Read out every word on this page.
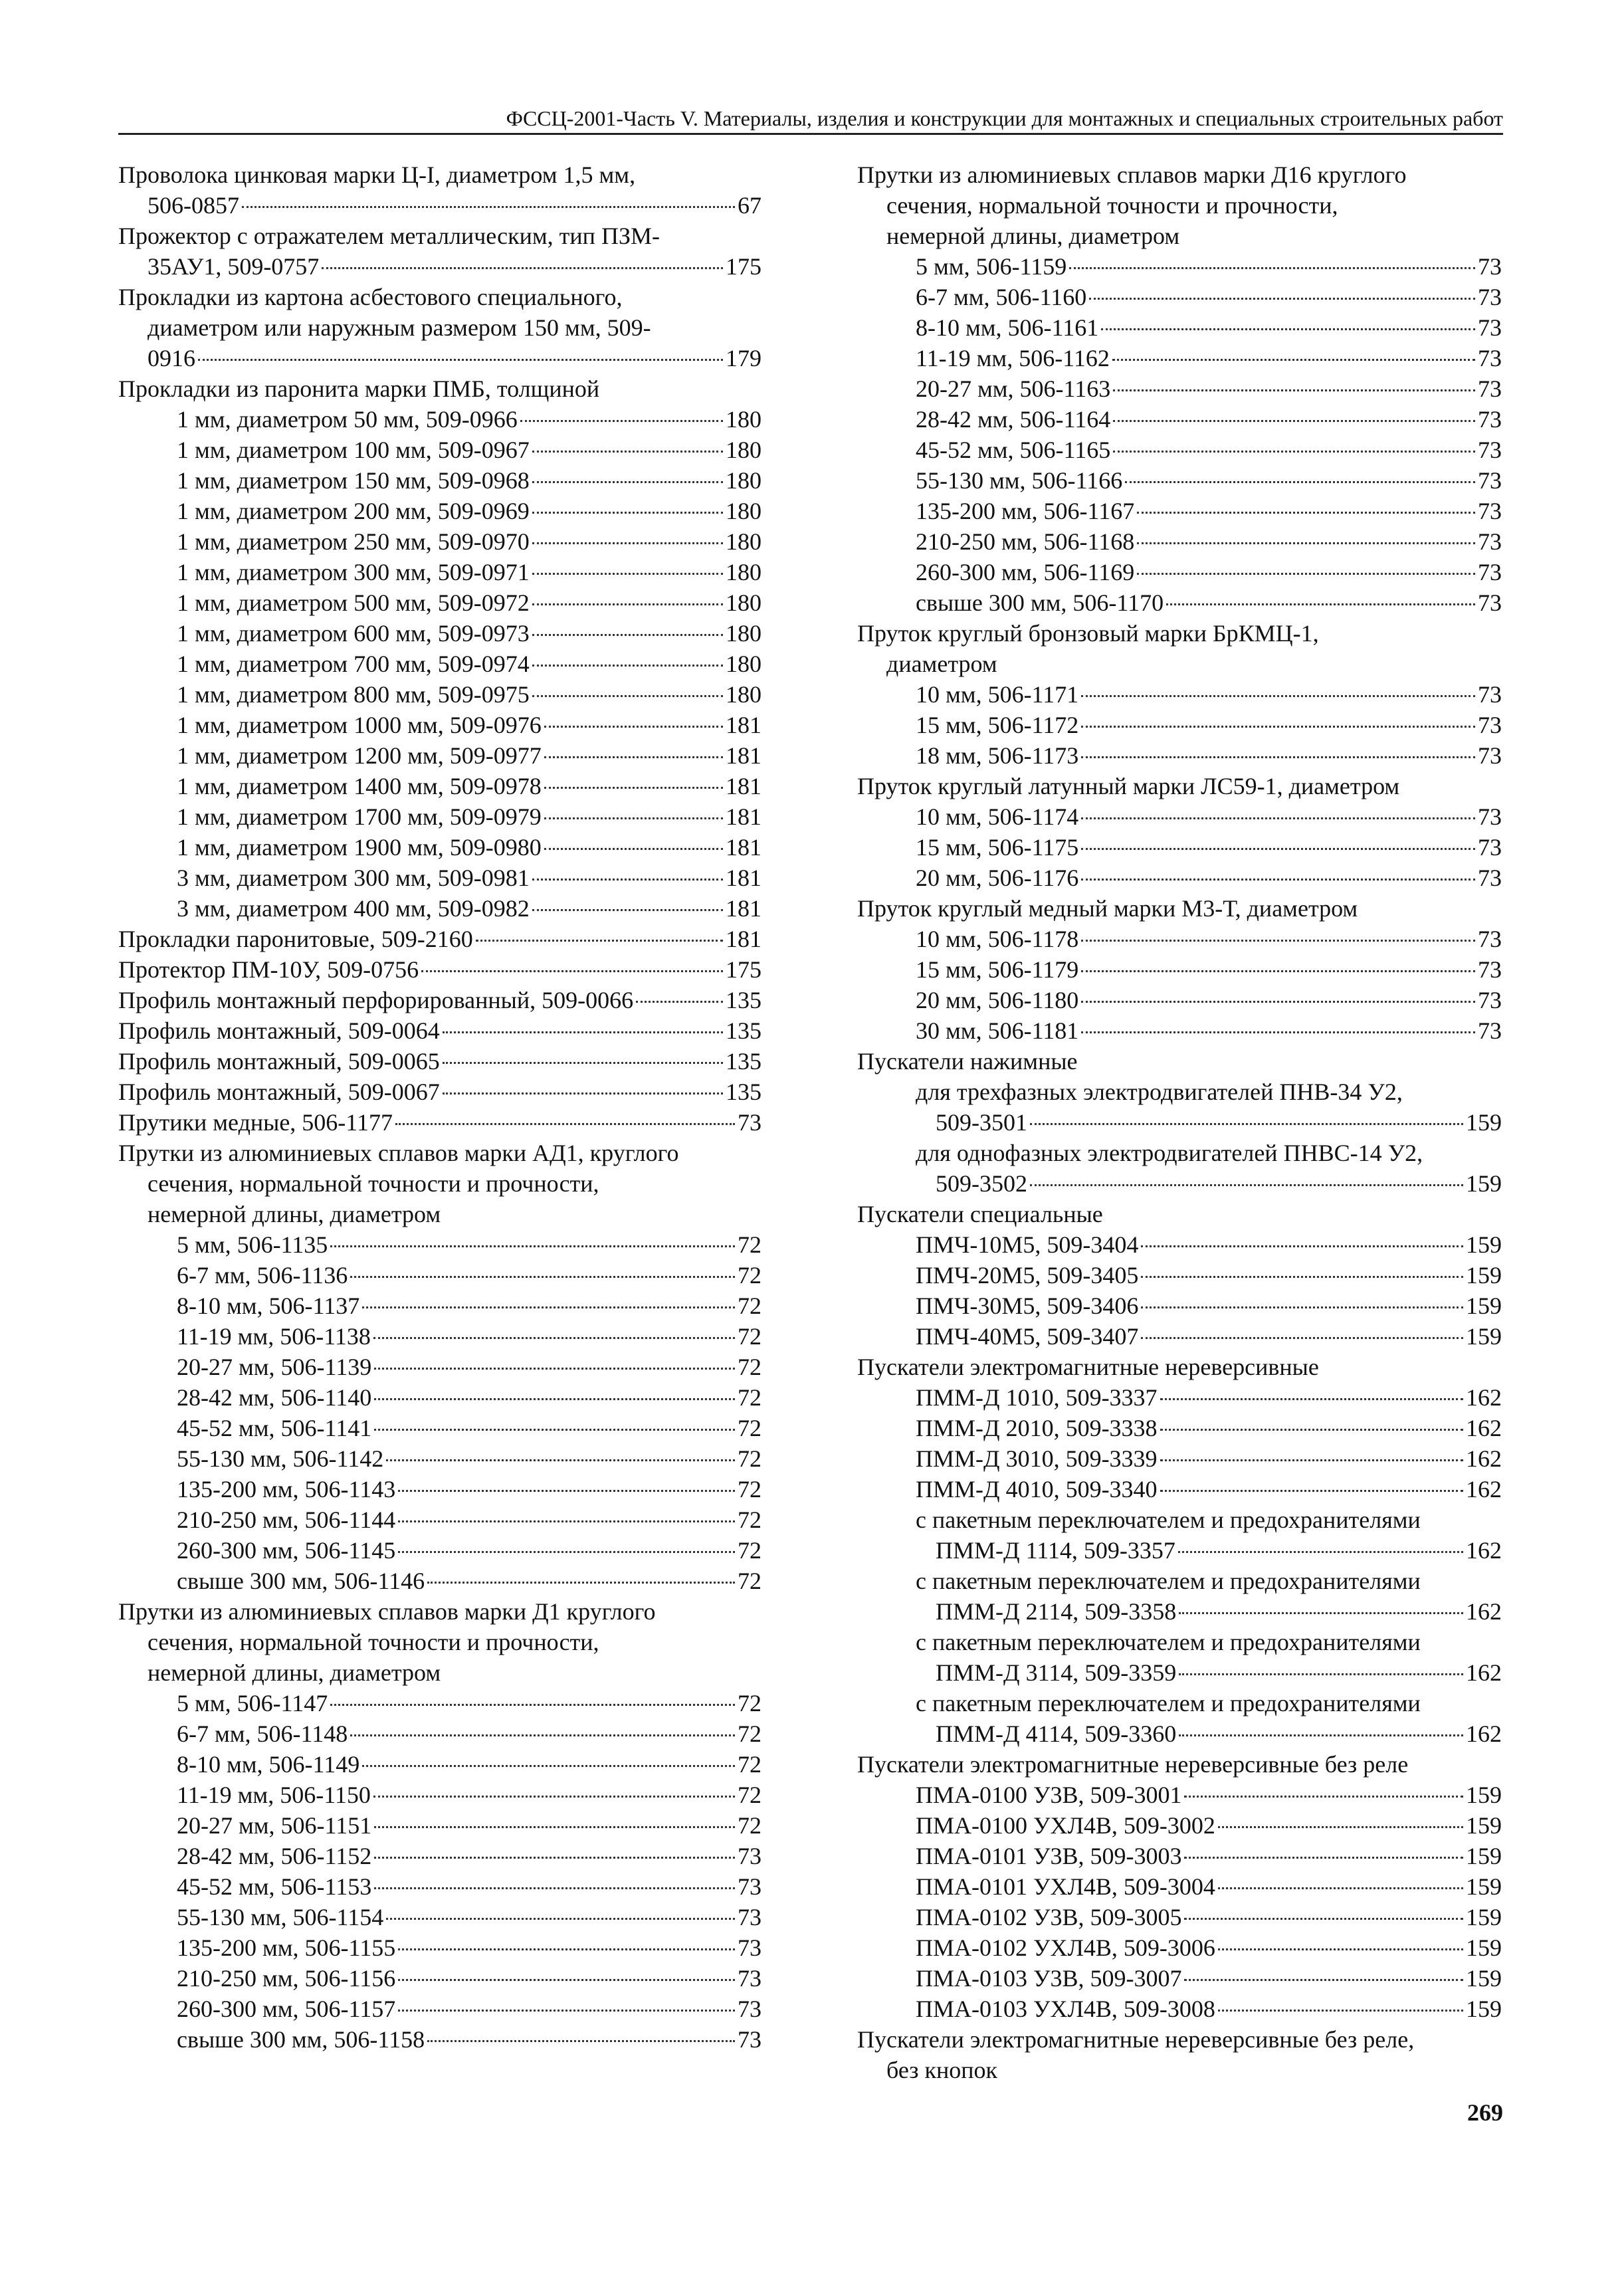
ФССЦ-2001-Часть V. Материалы, изделия и конструкции для монтажных и специальных строительных работ
Проволока цинковая марки Ц-I, диаметром 1,5 мм,
506-0857	67
Прожектор с отражателем металлическим, тип ПЗМ-
35АУ1, 509-0757	175
Прокладки из картона асбестового специального,
диаметром или наружным размером 150 мм, 509-
0916	179
Прокладки из паронита марки ПМБ, толщиной
1 мм, диаметром 50 мм, 509-0966	180
1 мм, диаметром 100 мм, 509-0967	180
1 мм, диаметром 150 мм, 509-0968	180
1 мм, диаметром 200 мм, 509-0969	180
1 мм, диаметром 250 мм, 509-0970	180
1 мм, диаметром 300 мм, 509-0971	180
1 мм, диаметром 500 мм, 509-0972	180
1 мм, диаметром 600 мм, 509-0973	180
1 мм, диаметром 700 мм, 509-0974	180
1 мм, диаметром 800 мм, 509-0975	180
1 мм, диаметром 1000 мм, 509-0976	181
1 мм, диаметром 1200 мм, 509-0977	181
1 мм, диаметром 1400 мм, 509-0978	181
1 мм, диаметром 1700 мм, 509-0979	181
1 мм, диаметром 1900 мм, 509-0980	181
3 мм, диаметром 300 мм, 509-0981	181
3 мм, диаметром 400 мм, 509-0982	181
Прокладки паронитовые, 509-2160	181
Протектор ПМ-10У, 509-0756	175
Профиль монтажный перфорированный, 509-0066	135
Профиль монтажный, 509-0064	135
Профиль монтажный, 509-0065	135
Профиль монтажный, 509-0067	135
Прутики медные, 506-1177	73
Прутки из алюминиевых сплавов марки АД1, круглого
сечения, нормальной точности и прочности,
немерной длины, диаметром
5 мм, 506-1135	72
6-7 мм, 506-1136	72
8-10 мм, 506-1137	72
11-19 мм, 506-1138	72
20-27 мм, 506-1139	72
28-42 мм, 506-1140	72
45-52 мм, 506-1141	72
55-130 мм, 506-1142	72
135-200 мм, 506-1143	72
210-250 мм, 506-1144	72
260-300 мм, 506-1145	72
свыше 300 мм, 506-1146	72
Прутки из алюминиевых сплавов марки Д1 круглого
сечения, нормальной точности и прочности,
немерной длины, диаметром
5 мм, 506-1147	72
6-7 мм, 506-1148	72
8-10 мм, 506-1149	72
11-19 мм, 506-1150	72
20-27 мм, 506-1151	72
28-42 мм, 506-1152	73
45-52 мм, 506-1153	73
55-130 мм, 506-1154	73
135-200 мм, 506-1155	73
210-250 мм, 506-1156	73
260-300 мм, 506-1157	73
свыше 300 мм, 506-1158	73
Прутки из алюминиевых сплавов марки Д16 круглого
сечения, нормальной точности и прочности,
немерной длины, диаметром
5 мм, 506-1159	73
6-7 мм, 506-1160	73
8-10 мм, 506-1161	73
11-19 мм, 506-1162	73
20-27 мм, 506-1163	73
28-42 мм, 506-1164	73
45-52 мм, 506-1165	73
55-130 мм, 506-1166	73
135-200 мм, 506-1167	73
210-250 мм, 506-1168	73
260-300 мм, 506-1169	73
свыше 300 мм, 506-1170	73
Пруток круглый бронзовый марки БрКМЦ-1,
диаметром
10 мм, 506-1171	73
15 мм, 506-1172	73
18 мм, 506-1173	73
Пруток круглый латунный марки ЛС59-1, диаметром
10 мм, 506-1174	73
15 мм, 506-1175	73
20 мм, 506-1176	73
Пруток круглый медный марки М3-Т, диаметром
10 мм, 506-1178	73
15 мм, 506-1179	73
20 мм, 506-1180	73
30 мм, 506-1181	73
Пускатели нажимные
для трехфазных электродвигателей ПНВ-34 У2,
509-3501	159
для однофазных электродвигателей ПНВС-14 У2,
509-3502	159
Пускатели специальные
ПМЧ-10М5, 509-3404	159
ПМЧ-20М5, 509-3405	159
ПМЧ-30М5, 509-3406	159
ПМЧ-40М5, 509-3407	159
Пускатели электромагнитные нереверсивные
ПММ-Д 1010, 509-3337	162
ПММ-Д 2010, 509-3338	162
ПММ-Д 3010, 509-3339	162
ПММ-Д 4010, 509-3340	162
с пакетным переключателем и предохранителями
ПММ-Д 1114, 509-3357	162
с пакетным переключателем и предохранителями
ПММ-Д 2114, 509-3358	162
с пакетным переключателем и предохранителями
ПММ-Д 3114, 509-3359	162
с пакетным переключателем и предохранителями
ПММ-Д 4114, 509-3360	162
Пускатели электромагнитные нереверсивные без реле
ПМА-0100 У3В, 509-3001	159
ПМА-0100 УХЛ4В, 509-3002	159
ПМА-0101 У3В, 509-3003	159
ПМА-0101 УХЛ4В, 509-3004	159
ПМА-0102 У3В, 509-3005	159
ПМА-0102 УХЛ4В, 509-3006	159
ПМА-0103 У3В, 509-3007	159
ПМА-0103 УХЛ4В, 509-3008	159
Пускатели электромагнитные нереверсивные без реле,
без кнопок
269
